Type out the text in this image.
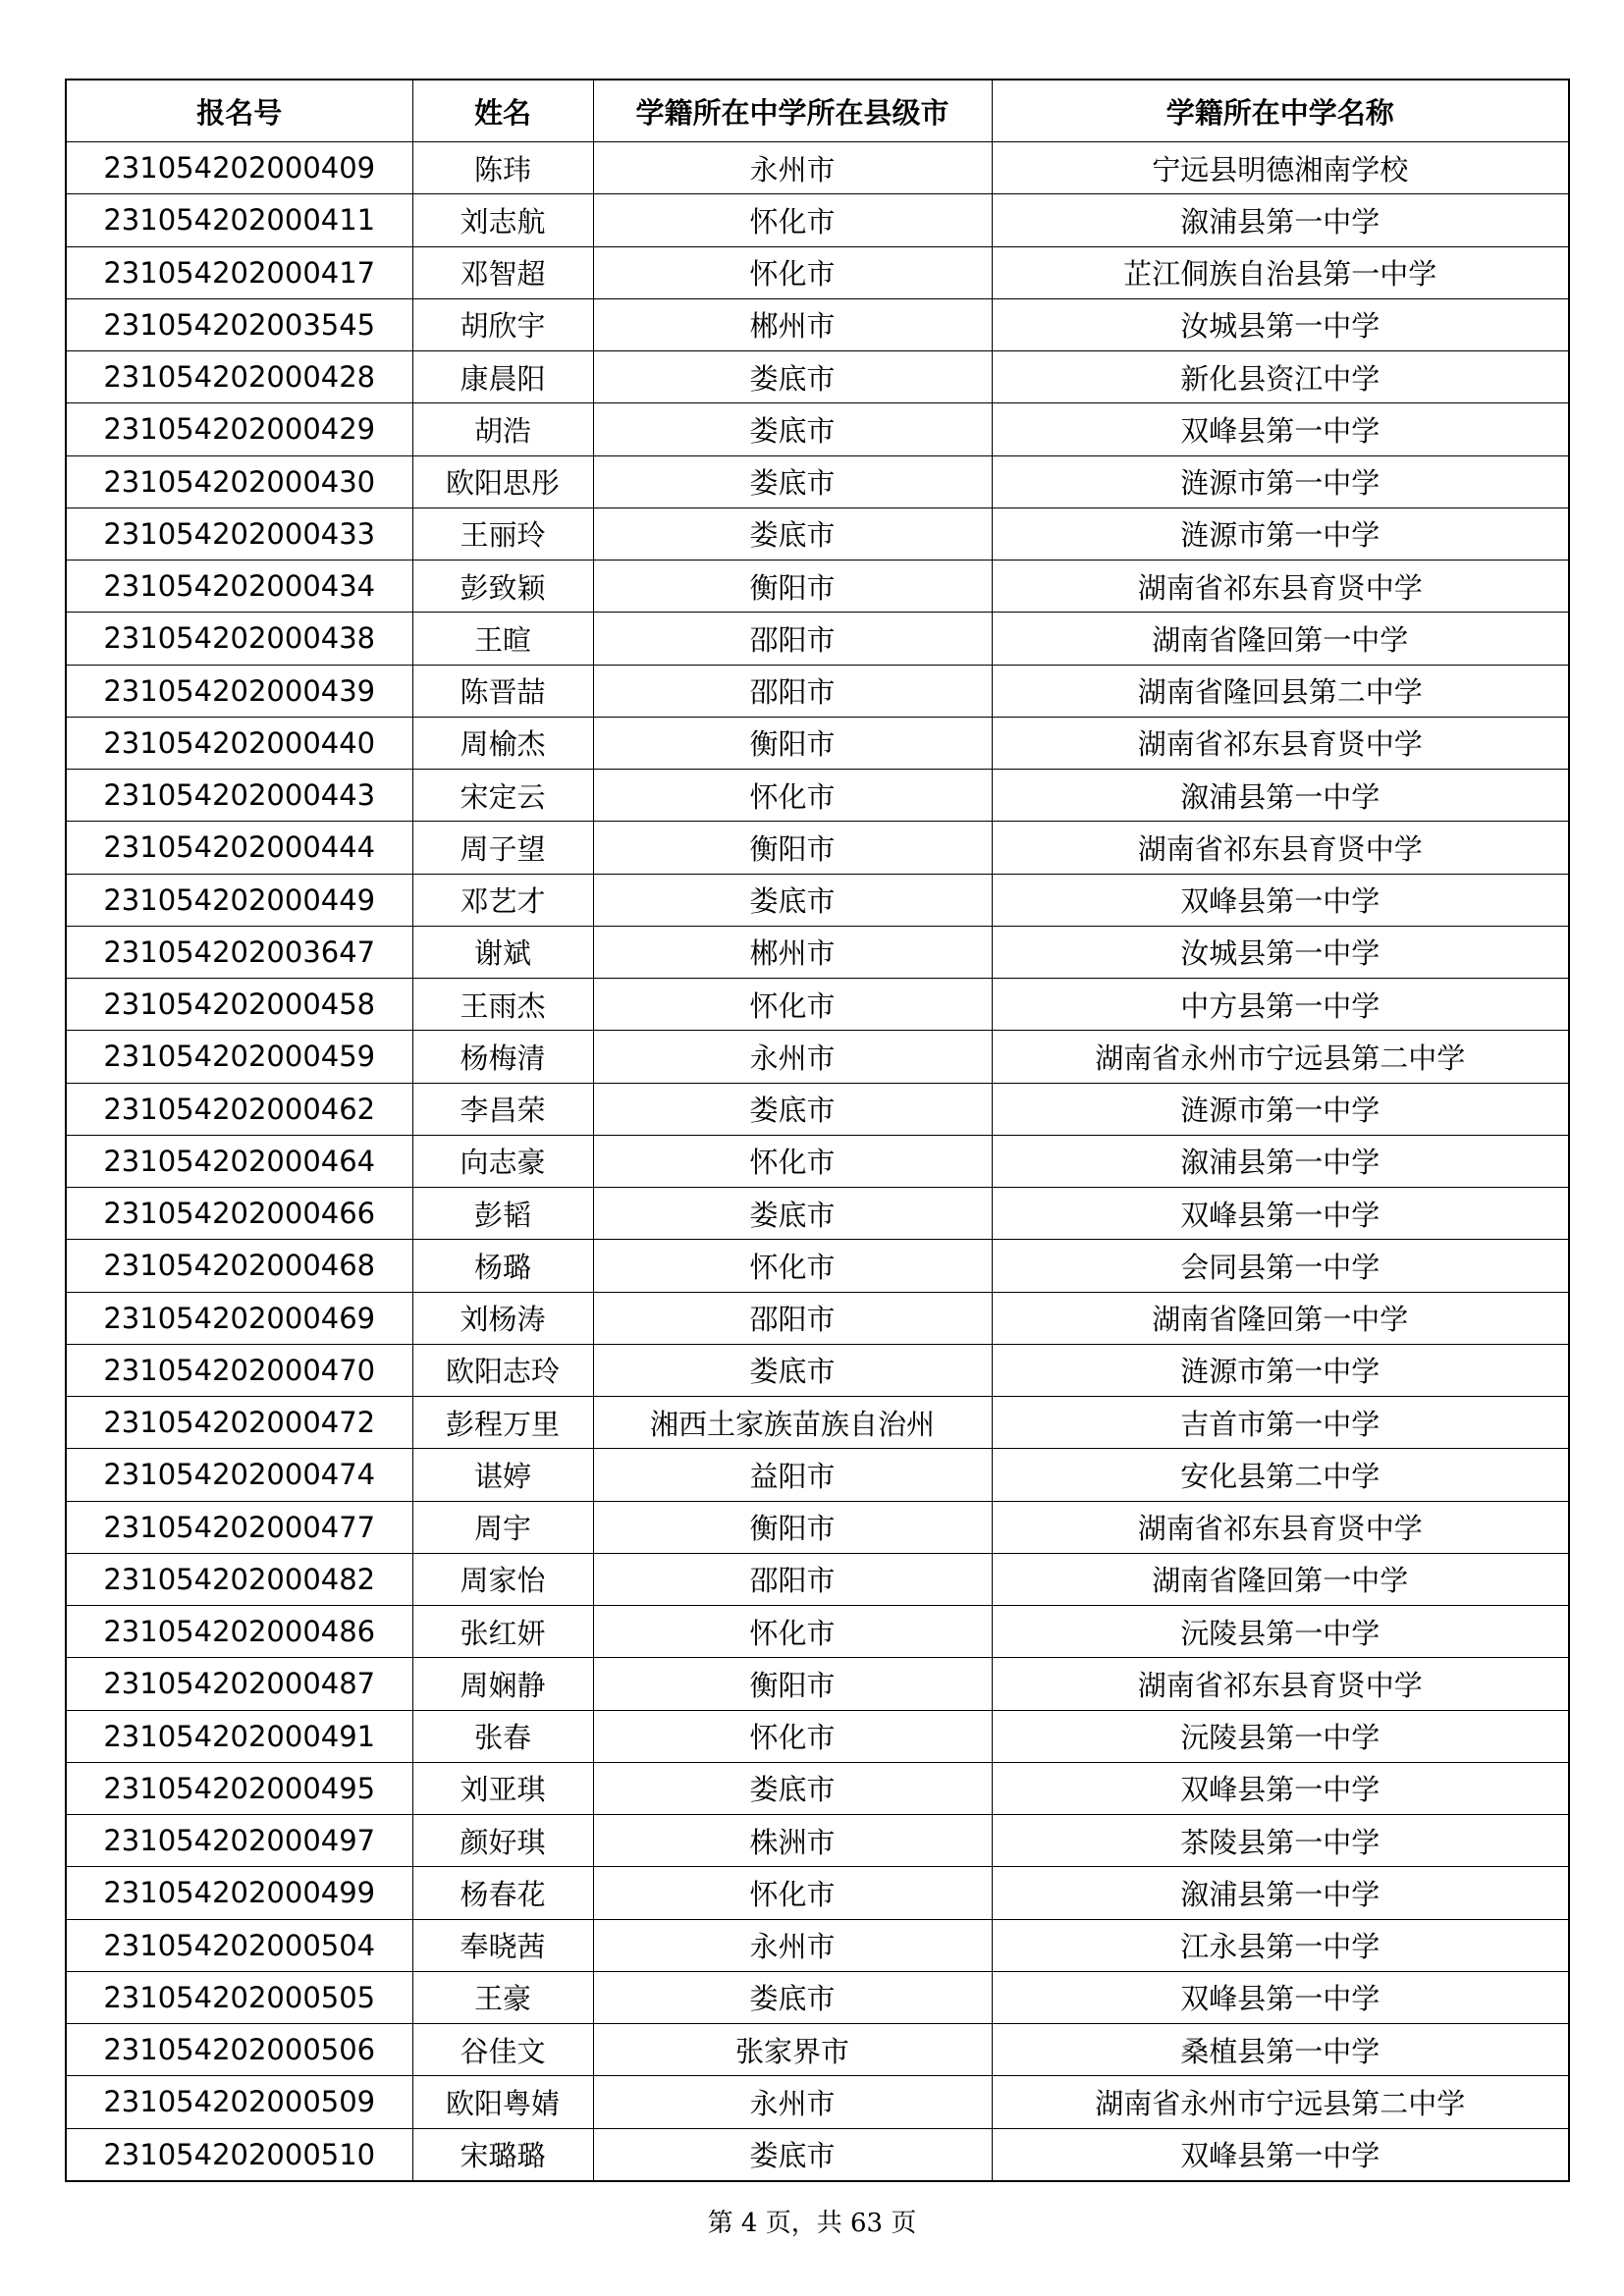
报名号	姓名	学籍所在中学所在县级市	学籍所在中学名称
231054202000409	陈玮	永州市	宁远县明德湘南学校
231054202000411	刘志航	怀化市	溆浦县第一中学
231054202000417	邓智超	怀化市	芷江侗族自治县第一中学
231054202003545	胡欣宇	郴州市	汝城县第一中学
231054202000428	康晨阳	娄底市	新化县资江中学
231054202000429	胡浩	娄底市	双峰县第一中学
231054202000430	欧阳思彤	娄底市	涟源市第一中学
231054202000433	王丽玲	娄底市	涟源市第一中学
231054202000434	彭致颖	衡阳市	湖南省祁东县育贤中学
231054202000438	王暄	邵阳市	湖南省隆回第一中学
231054202000439	陈晋喆	邵阳市	湖南省隆回县第二中学
231054202000440	周榆杰	衡阳市	湖南省祁东县育贤中学
231054202000443	宋定云	怀化市	溆浦县第一中学
231054202000444	周子望	衡阳市	湖南省祁东县育贤中学
231054202000449	邓艺才	娄底市	双峰县第一中学
231054202003647	谢斌	郴州市	汝城县第一中学
231054202000458	王雨杰	怀化市	中方县第一中学
231054202000459	杨梅清	永州市	湖南省永州市宁远县第二中学
231054202000462	李昌荣	娄底市	涟源市第一中学
231054202000464	向志豪	怀化市	溆浦县第一中学
231054202000466	彭韬	娄底市	双峰县第一中学
231054202000468	杨璐	怀化市	会同县第一中学
231054202000469	刘杨涛	邵阳市	湖南省隆回第一中学
231054202000470	欧阳志玲	娄底市	涟源市第一中学
231054202000472	彭程万里	湘西土家族苗族自治州	吉首市第一中学
231054202000474	谌婷	益阳市	安化县第二中学
231054202000477	周宇	衡阳市	湖南省祁东县育贤中学
231054202000482	周家怡	邵阳市	湖南省隆回第一中学
231054202000486	张红妍	怀化市	沅陵县第一中学
231054202000487	周娴静	衡阳市	湖南省祁东县育贤中学
231054202000491	张春	怀化市	沅陵县第一中学
231054202000495	刘亚琪	娄底市	双峰县第一中学
231054202000497	颜好琪	株洲市	茶陵县第一中学
231054202000499	杨春花	怀化市	溆浦县第一中学
231054202000504	奉晓茜	永州市	江永县第一中学
231054202000505	王豪	娄底市	双峰县第一中学
231054202000506	谷佳文	张家界市	桑植县第一中学
231054202000509	欧阳粤婧	永州市	湖南省永州市宁远县第二中学
231054202000510	宋璐璐	娄底市	双峰县第一中学
第 4 页，共 63 页
